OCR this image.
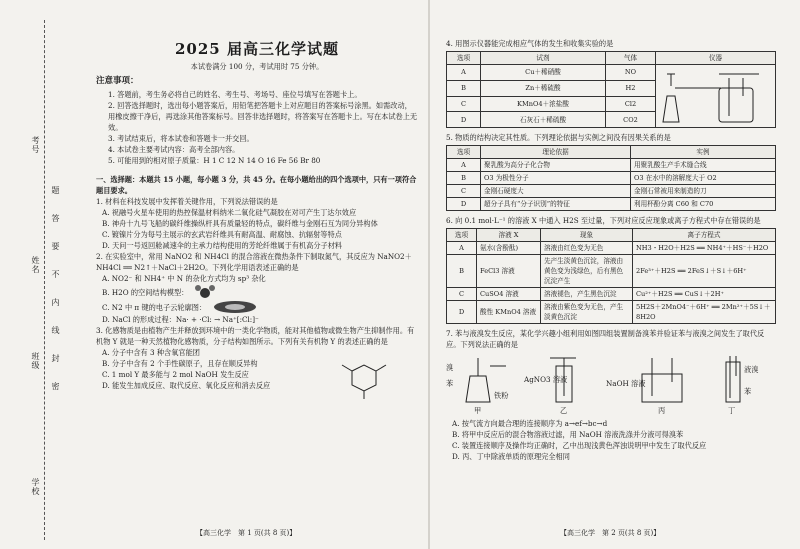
考号
姓名
班级
学校
题
答
要
不
内
线
封
密
2025 届高三化学试题
本试卷满分 100 分，考试用时 75 分钟。
注意事项：
1. 答题前，考生务必将自己的姓名、考生号、考场号、座位号填写在答题卡上。
2. 回答选择题时，选出每小题答案后，用铅笔把答题卡上对应题目的答案标号涂黑。如需改动，用橡皮擦干净后，再选涂其他答案标号。回答非选择题时，将答案写在答题卡上。写在本试卷上无效。
3. 考试结束后，将本试卷和答题卡一并交回。
4. 本试卷主要考试内容：高考全部内容。
5. 可能用到的相对原子质量：H 1 C 12 N 14 O 16 Fe 56 Br 80
一、选择题：本题共 15 小题，每小题 3 分，共 45 分。在每小题给出的四个选项中，只有一项符合题目要求。
1. 材料在科技发展中发挥着关键作用，下列说法错误的是
A. 祝融号火星车使用的热控保温材料纳米二氧化硅气凝胶在对可产生丁达尔效应
B. 神舟十九号飞船的碳纤维操纵杆具有质量轻的特点，碳纤维与金刚石互为同分异构体
C. 镀镍片分为每号主展示的玄武岩纤维具有耐高温、耐腐蚀、抗辐射等特点
D. 天问一号返回舱减速伞的主承力结构使用的芳纶纤维属于有机高分子材料
2. 在实验室中，常用 NaNO2 和 NH4Cl 的混合溶液在微热条件下制取氮气，其反应为 NaNO2＋NH4Cl ══ N2↑＋NaCl＋2H2O。下列化学用语表述正确的是
A. NO2⁻ 和 NH4⁺ 中 N 的杂化方式均为 sp³ 杂化
B. H2O 的空间结构模型：
C. N2 中 π 键的电子云轮廓图：
D. NaCl 的形成过程：Na· + ·Cl: → Na⁺[:Cl:]⁻
3. 化感物质是由植物产生并释放到环境中的一类化学物质，能对其他植物或微生物产生抑制作用。有机物 Y 就是一种天然植物化感物质，分子结构如图所示。下列有关有机物 Y 的表述正确的是
A. 分子中含有 3 种含氧官能团
B. 分子中含有 2 个手性碳原子，且存在顺反异构
C. 1 mol Y 最多能与 2 mol NaOH 发生反应
D. 能发生加成反应、取代反应、氧化反应和消去反应
【高三化学　第 1 页(共 8 页)】
4. 用图示仪器能完成相应气体的发生和收集实验的是
选项	试剂	气体	仪器
A	Cu＋稀硝酸	NO	

B	Zn＋稀硫酸	H2	
C	KMnO4＋浓盐酸	Cl2	
D	石灰石＋稀硫酸	CO2	
5. 物质的结构决定其性质。下列理论依据与实例之间没有因果关系的是
选项	理论依据	实例
A	聚乳酸为高分子化合物	用聚乳酸生产手术缝合线
B	O3 为极性分子	O3 在水中的溶解度大于 O2
C	金刚石硬度大	金刚石常被用来制造的刀
D	超分子具有“分子识别”的特征	利用杯酚分离 C60 和 C70
6. 向 0.1 mol·L⁻¹ 的溶液 X 中通入 H2S 至过量，下列对应反应现象或离子方程式中存在错误的是
选项	溶液 X	现象	离子方程式
A	氨水(含酚酞)	溶液由红色变为无色	NH3・H2O＋H2S ══ NH4⁺＋HS⁻＋H2O
B	FeCl3 溶液	先产生淡黄色沉淀，溶液由黄色变为浅绿色，后有黑色沉淀产生	2Fe³⁺＋H2S ══ 2FeS↓＋S↓＋6H⁺
C	CuSO4 溶液	溶液褪色，产生黑色沉淀	Cu²⁺＋H2S ══ CuS↓＋2H⁺
D	酸性 KMnO4 溶液	溶液由紫色变为无色，产生淡黄色沉淀	5H2S＋2MnO4⁻＋6H⁺ ══ 2Mn²⁺＋5S↓＋8H2O
7. 苯与液溴发生反应，某化学兴趣小组利用如图四组装置制备溴苯并验证苯与液溴之间发生了取代反应。下列说法正确的是
苯
溴
铁粉
AgNO3 溶液	NaOH 溶液
液溴
苯
甲	乙	丙	丁
A. 按气流方向最合理的连接顺序为 a→ef→bc→d
B. 将甲中反应后的混合物溶液过滤，用 NaOH 溶液洗涤并分液可得溴苯
C. 装置连接顺序及操作均正确时，乙中出现浅黄色浑浊说明甲中发生了取代反应
D. 丙、丁中除液单质的原理完全相同
【高三化学　第 2 页(共 8 页)】
